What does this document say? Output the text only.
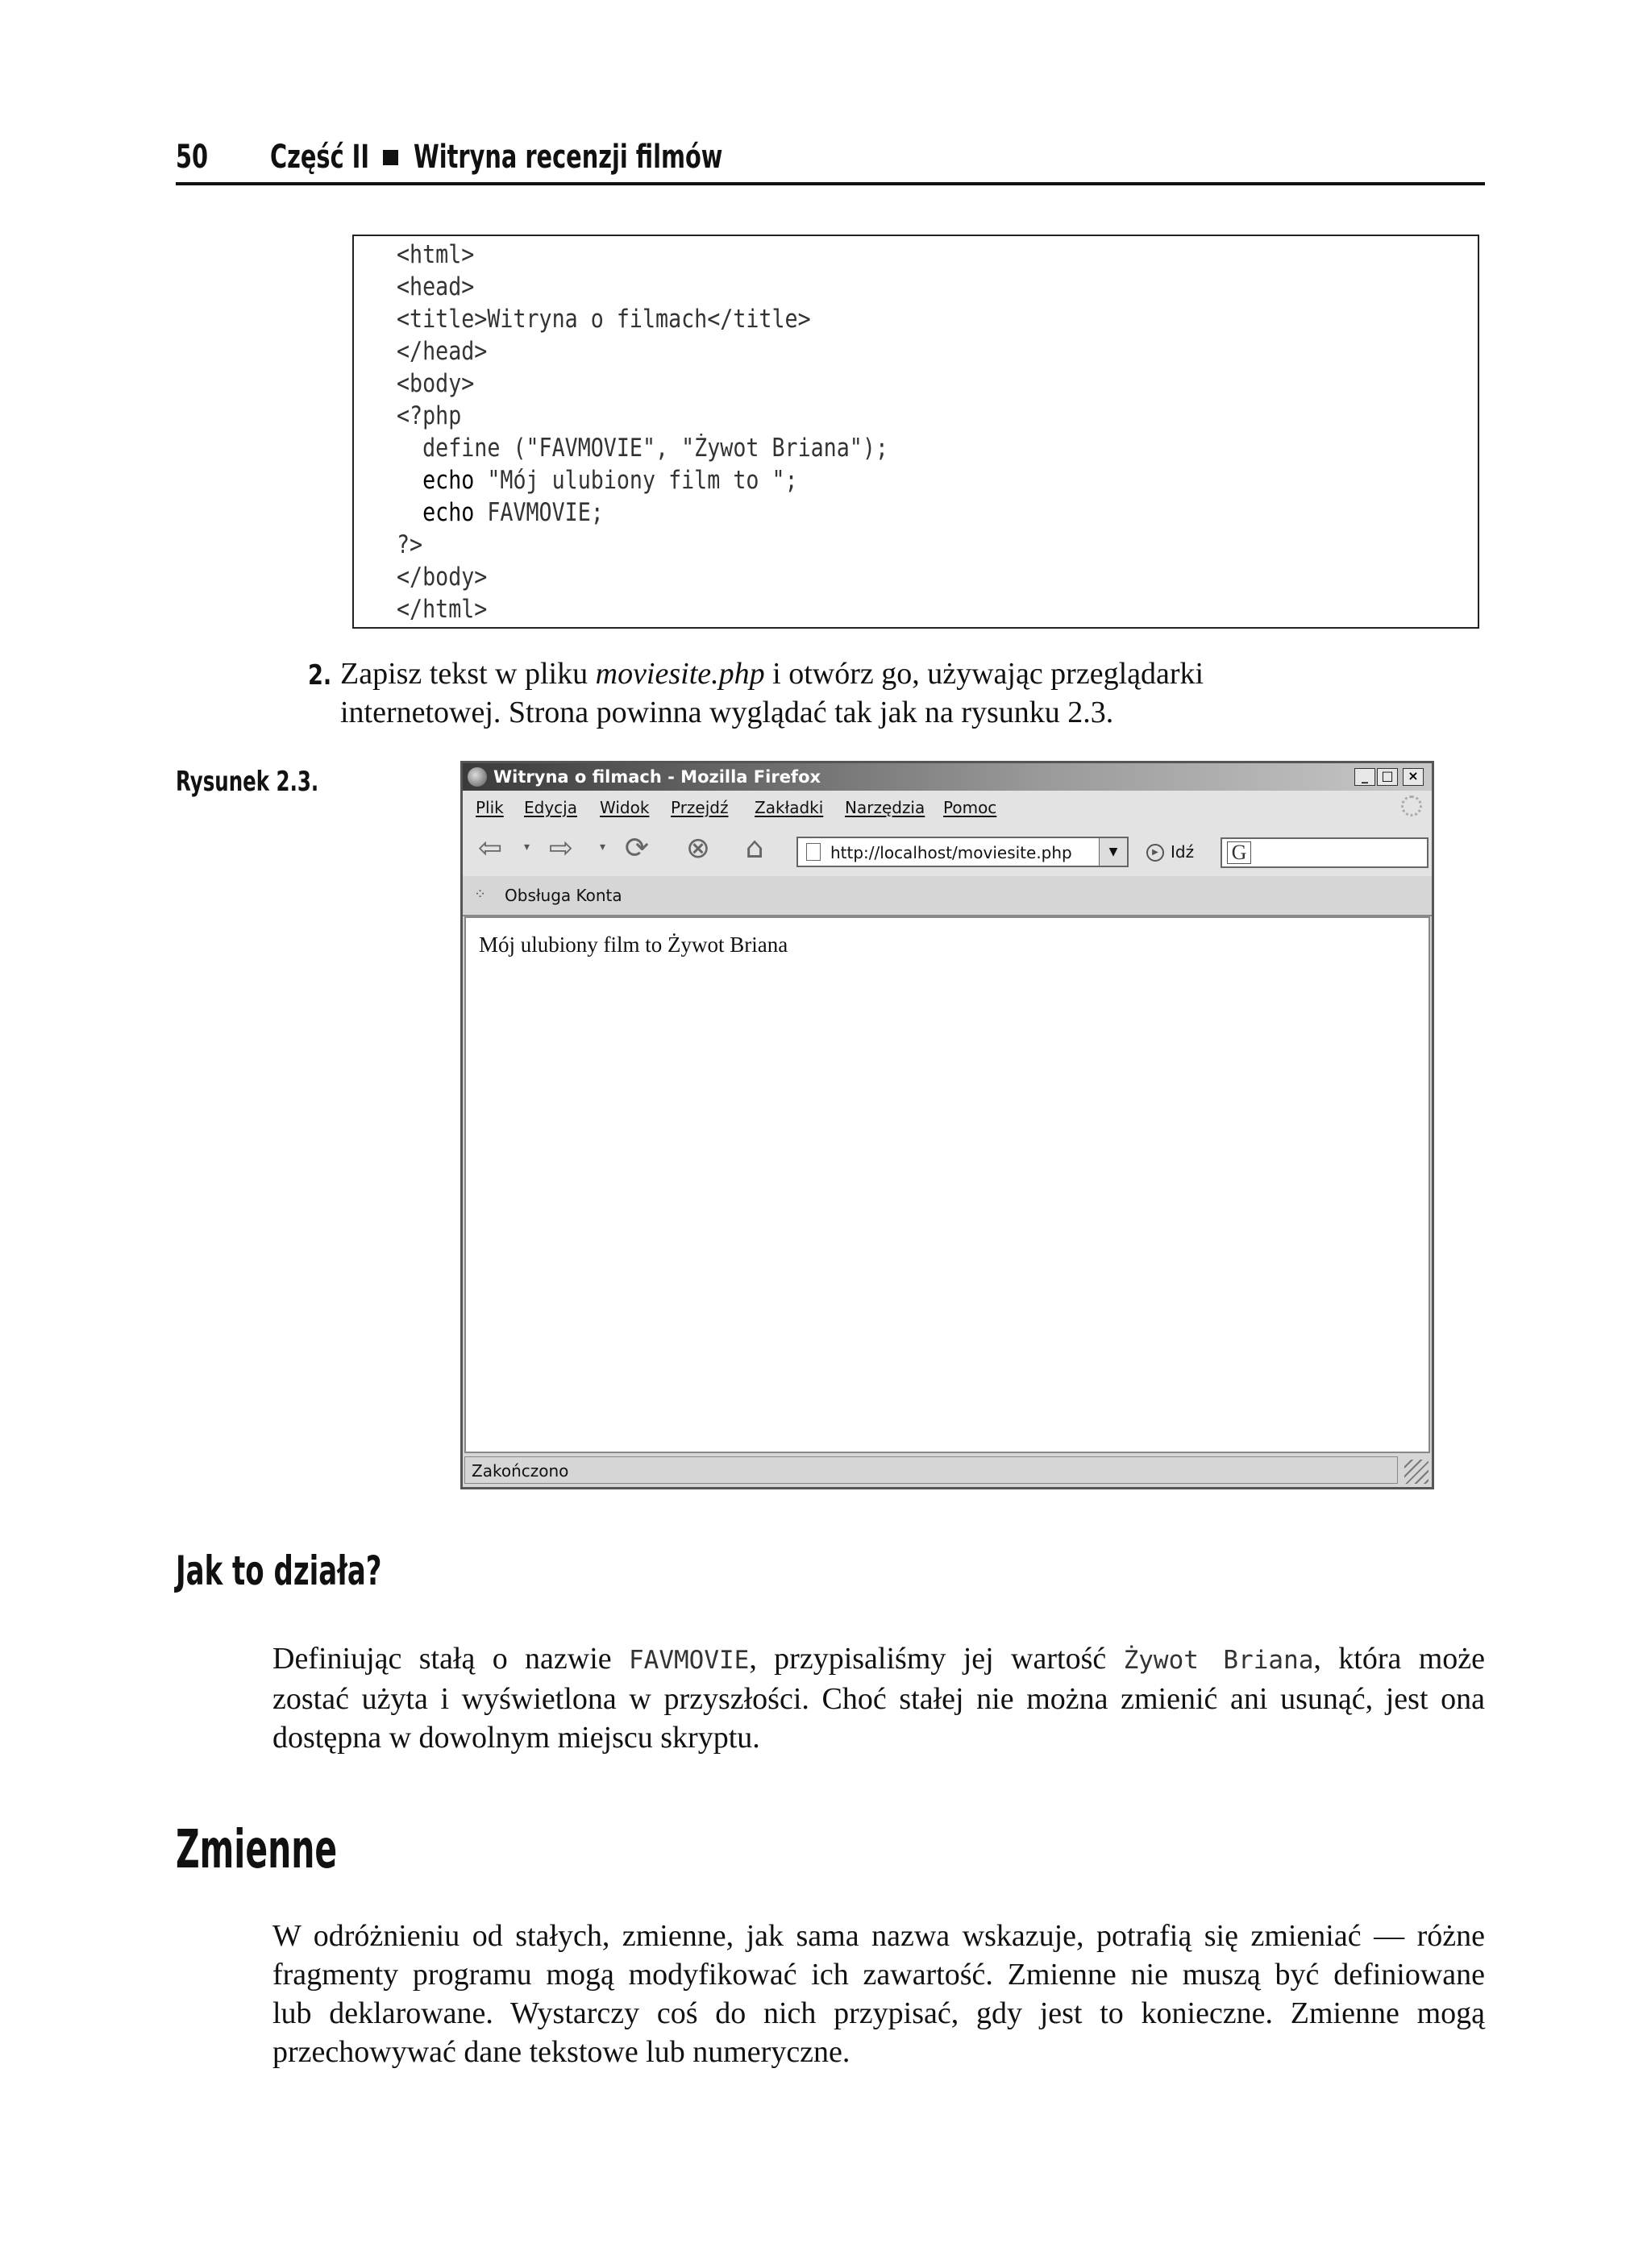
50 Część II Witryna recenzji filmów
<html>
<head>
<title>Witryna o filmach</title>
</head>
<body>
<?php
define ("FAVMOVIE", "Żywot Briana");
echo "Mój ulubiony film to ";
echo FAVMOVIE;
?>
</body>
</html>
2. Zapisz tekst w pliku moviesite.php i otwórz go, używając przeglądarki
internetowej. Strona powinna wyglądać tak jak na rysunku 2.3.
Rysunek 2.3.	Witryna o filmach - Mozilla Firefox	_	□	×
Plik Edycja Widok Przejdź Zakładki Narzędzia Pomoc
⇦	▾ ⇨	▾ ⟳ ⊗ ⌂	http://localhost/moviesite.php	▼	▶ Idź G
⁘ Obsługa Konta
Mój ulubiony film to Żywot Briana
Zakończono
Jak to działa?
Definiując stałą o nazwie FAVMOVIE, przypisaliśmy jej wartość Żywot Briana, która może
zostać użyta i wyświetlona w przyszłości. Choć stałej nie można zmienić ani usunąć, jest ona
dostępna w dowolnym miejscu skryptu.
Zmienne
W odróżnieniu od stałych, zmienne, jak sama nazwa wskazuje, potrafią się zmieniać — różne
fragmenty programu mogą modyfikować ich zawartość. Zmienne nie muszą być definiowane
lub deklarowane. Wystarczy coś do nich przypisać, gdy jest to konieczne. Zmienne mogą
przechowywać dane tekstowe lub numeryczne.
